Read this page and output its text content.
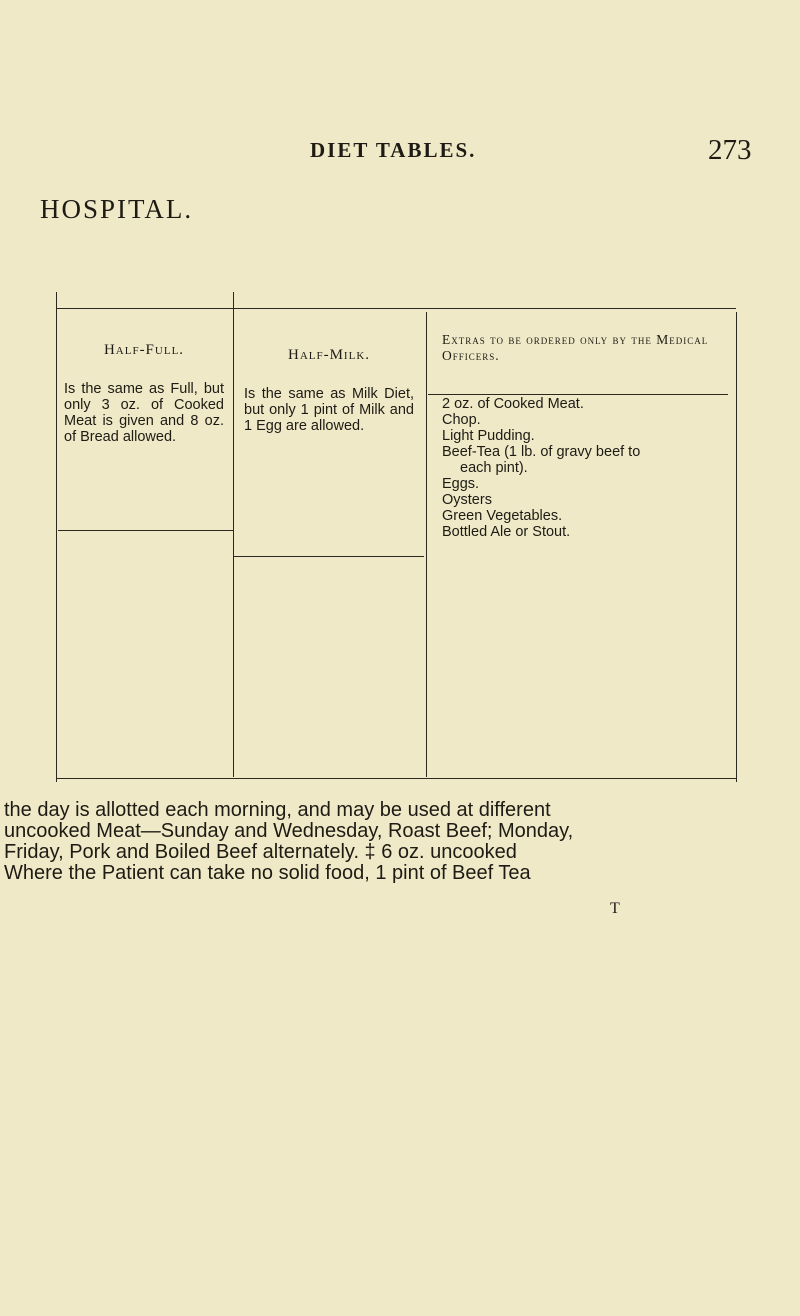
DIET TABLES.	273
HOSPITAL.
Half-Full.
Is the same as Full, but only 3 oz. of Cooked Meat is given and 8 oz. of Bread allowed.
Half-Milk.
Is the same as Milk Diet, but only 1 pint of Milk and 1 Egg are allowed.
Extras to be ordered only by the Medical Officers.
2 oz. of Cooked Meat.
Chop.
Light Pudding.
Beef-Tea (1 lb. of gravy beef to
each pint).
Eggs.
Oysters
Green Vegetables.
Bottled Ale or Stout.
the day is allotted each morning, and may be used at different
uncooked Meat—Sunday and Wednesday, Roast Beef; Monday,
Friday, Pork and Boiled Beef alternately. ‡ 6 oz. uncooked
Where the Patient can take no solid food, 1 pint of Beef Tea
T
